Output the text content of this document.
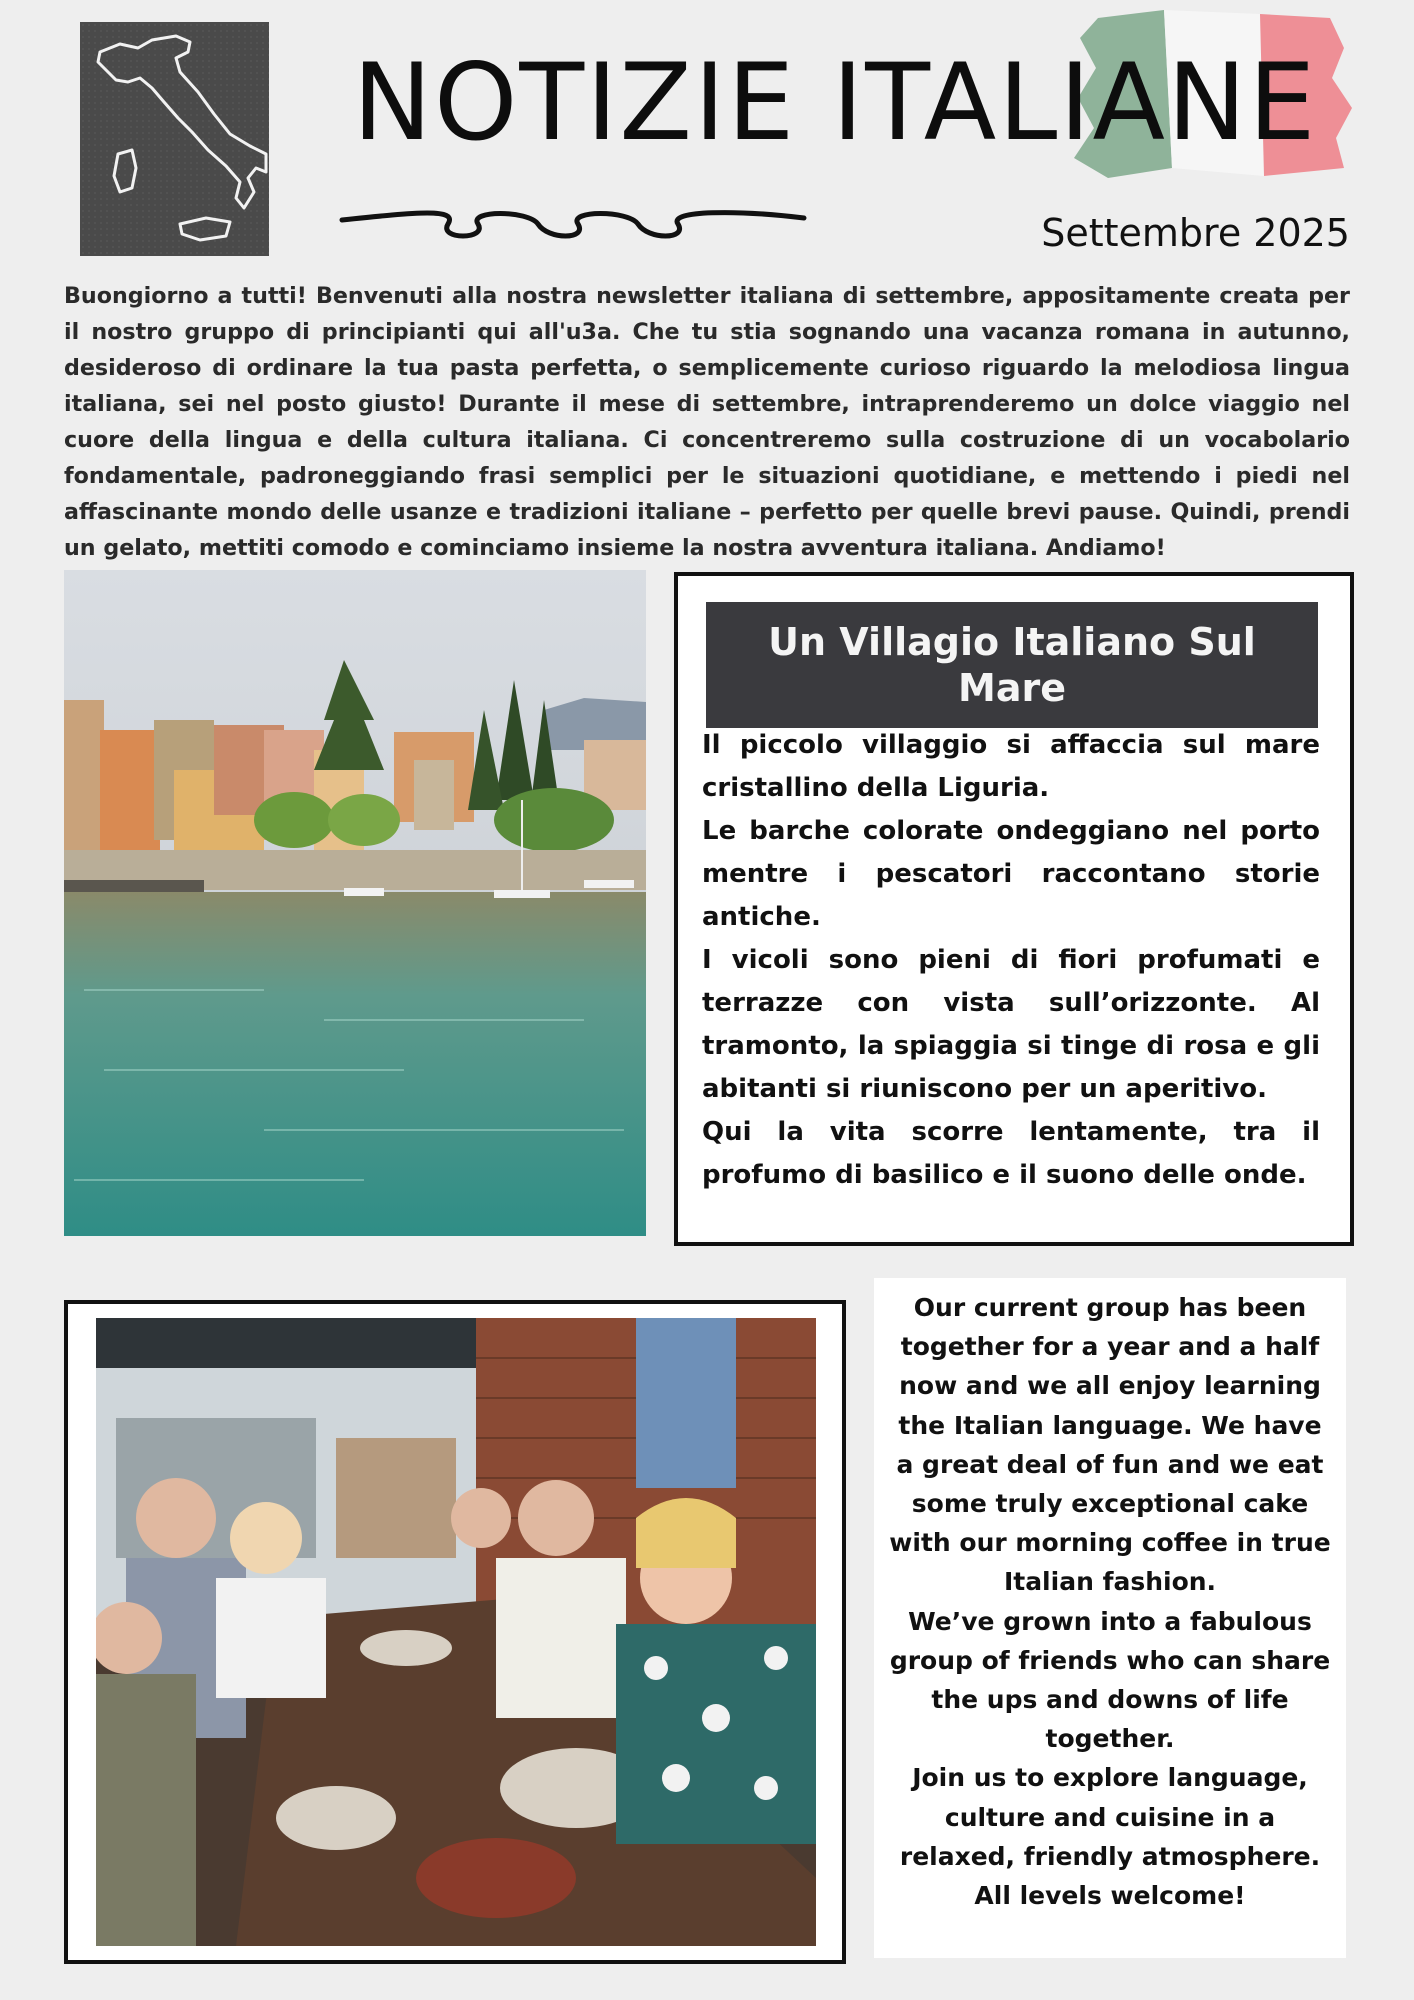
NOTIZIE ITALIANE
Settembre 2025
Buongiorno a tutti! Benvenuti alla nostra newsletter italiana di settembre, appositamente creata per il nostro gruppo di principianti qui all'u3a. Che tu stia sognando una vacanza romana in autunno, desideroso di ordinare la tua pasta perfetta, o semplicemente curioso riguardo la melodiosa lingua italiana, sei nel posto giusto! Durante il mese di settembre, intraprenderemo un dolce viaggio nel cuore della lingua e della cultura italiana. Ci concentreremo sulla costruzione di un vocabolario fondamentale, padroneggiando frasi semplici per le situazioni quotidiane, e mettendo i piedi nel affascinante mondo delle usanze e tradizioni italiane – perfetto per quelle brevi pause. Quindi, prendi un gelato, mettiti comodo e cominciamo insieme la nostra avventura italiana. Andiamo!
Un Villagio Italiano Sul Mare

Il piccolo villaggio si affaccia sul mare cristallino della Liguria.

Le barche colorate ondeggiano nel porto mentre i pescatori raccontano storie antiche.

I vicoli sono pieni di fiori profumati e terrazze con vista sull’orizzonte. Al tramonto, la spiaggia si tinge di rosa e gli abitanti si riuniscono per un aperitivo.

Qui la vita scorre lentamente, tra il profumo di basilico e il suono delle onde.

Our current group has been together for a year and a half now and we all enjoy learning the Italian language. We have a great deal of fun and we eat some truly exceptional cake with our morning coffee in true Italian fashion.

We’ve grown into a fabulous group of friends who can share the ups and downs of life together.

Join us to explore language, culture and cuisine in a relaxed, friendly atmosphere. All levels welcome!
